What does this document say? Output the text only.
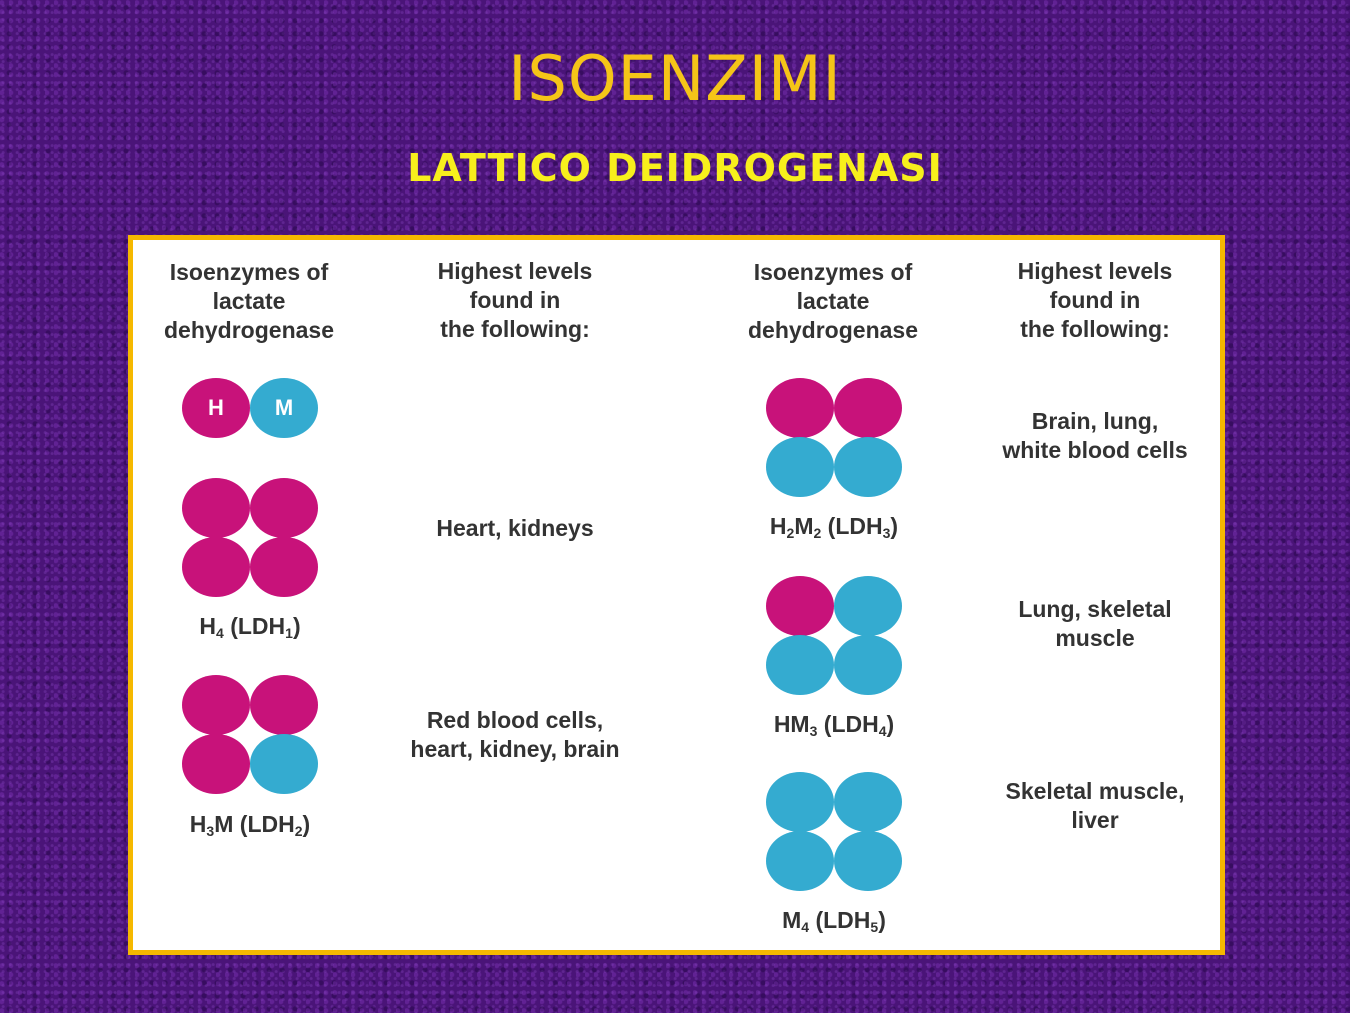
ISOENZIMI
LATTICO DEIDROGENASI
Isoenzymes of
lactate
dehydrogenase
Highest levels
found in
the following:
Isoenzymes of
lactate
dehydrogenase
Highest levels
found in
the following:
H	M
$H_4$ $(LDH_1)$
Heart, kidneys
$H_3M$ $(LDH_2)$
Red blood cells,
heart, kidney, brain
$H_2M_2$ $(LDH_3)$
Brain, lung,
white blood cells
$HM_3$ $(LDH_4)$
Lung, skeletal
muscle
$M_4$ $(LDH_5)$
Skeletal muscle,
liver
